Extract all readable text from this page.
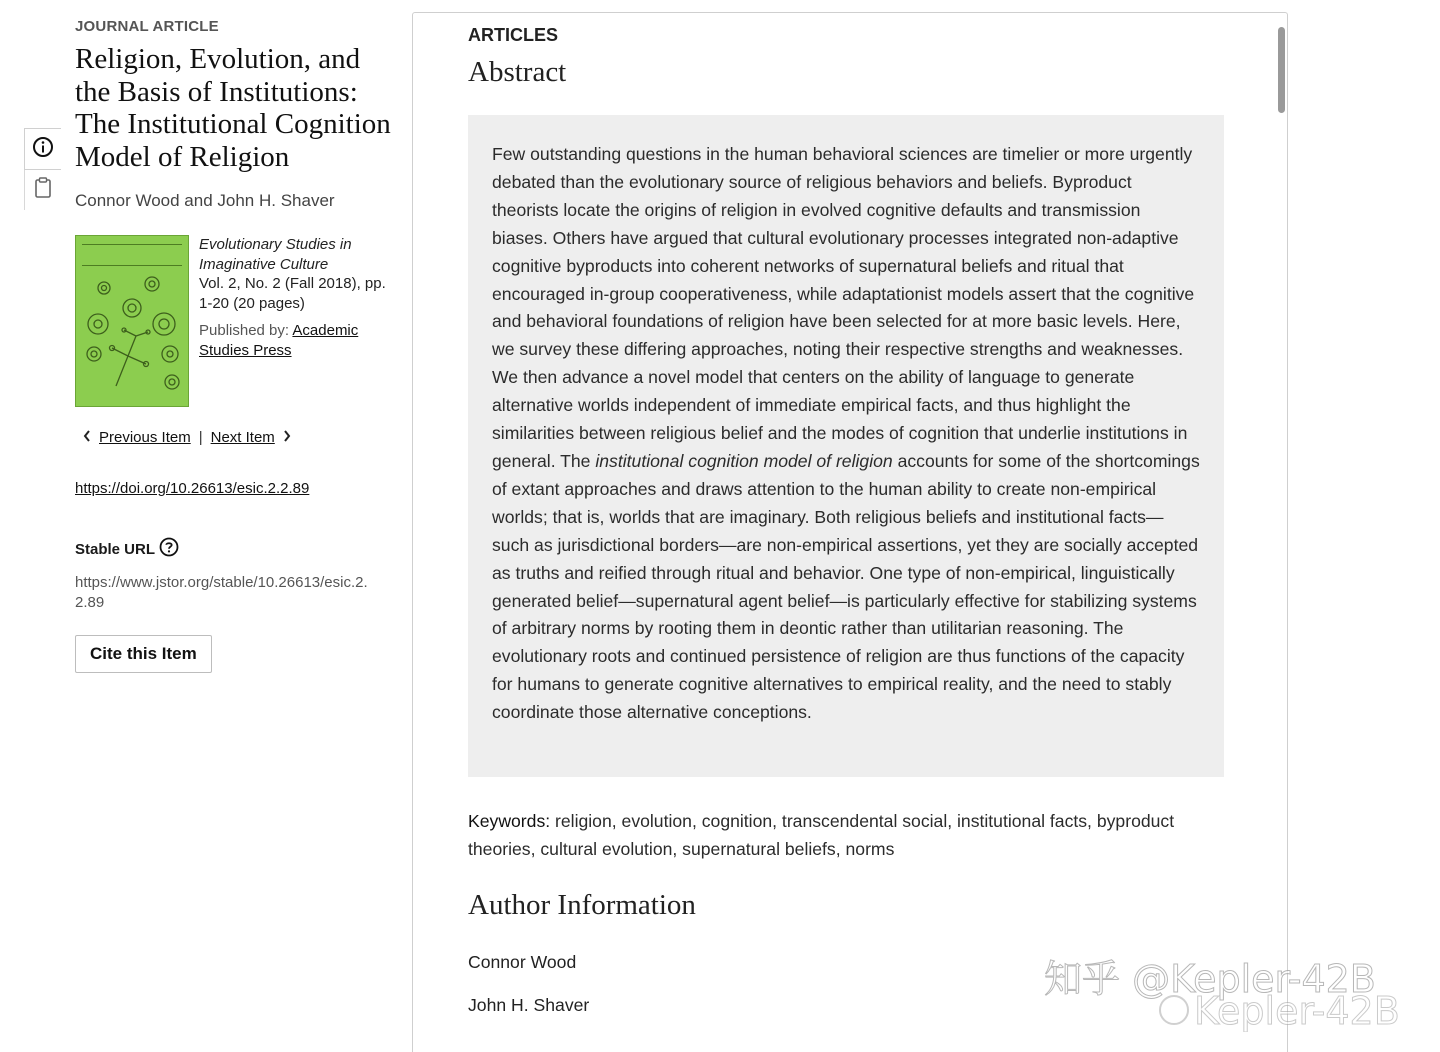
JOURNAL ARTICLE
Religion, Evolution, and the Basis of Institutions: The Institutional Cognition Model of Religion
Connor Wood and John H. Shaver
Evolutionary Studies in Imaginative Culture
Vol. 2, No. 2 (Fall 2018), pp. 1-20 (20 pages)
Published by: Academic Studies Press
Previous Item | Next Item
https://doi.org/10.26613/esic.2.2.89
Stable URL
https://www.jstor.org/stable/10.26613/esic.2.2.89
Cite this Item
ARTICLES
Abstract

Few outstanding questions in the human behavioral sciences are timelier or more urgently debated than the evolutionary source of religious behaviors and beliefs. Byproduct theorists locate the origins of religion in evolved cognitive defaults and transmission biases. Others have argued that cultural evolutionary processes integrated non-adaptive cognitive byproducts into coherent networks of supernatural beliefs and ritual that encouraged in-group cooperativeness, while adaptationist models assert that the cognitive and behavioral foundations of religion have been selected for at more basic levels. Here, we survey these differing approaches, noting their respective strengths and weaknesses. We then advance a novel model that centers on the ability of language to generate alternative worlds independent of immediate empirical facts, and thus highlight the similarities between religious belief and the modes of cognition that underlie institutions in general. The institutional cognition model of religion accounts for some of the shortcomings of extant approaches and draws attention to the human ability to create non-empirical worlds; that is, worlds that are imaginary. Both religious beliefs and institutional facts—such as jurisdictional borders—are non-empirical assertions, yet they are socially accepted as truths and reified through ritual and behavior. One type of non-empirical, linguistically generated belief—supernatural agent belief—is particularly effective for stabilizing systems of arbitrary norms by rooting them in deontic rather than utilitarian reasoning. The evolutionary roots and continued persistence of religion are thus functions of the capacity for humans to generate cognitive alternatives to empirical reality, and the need to stably coordinate those alternative conceptions.

Keywords: religion, evolution, cognition, transcendental social, institutional facts, byproduct theories, cultural evolution, supernatural beliefs, norms
Author Information
Connor Wood
John H. Shaver
知乎 @Kepler-42B
Kepler-42B
